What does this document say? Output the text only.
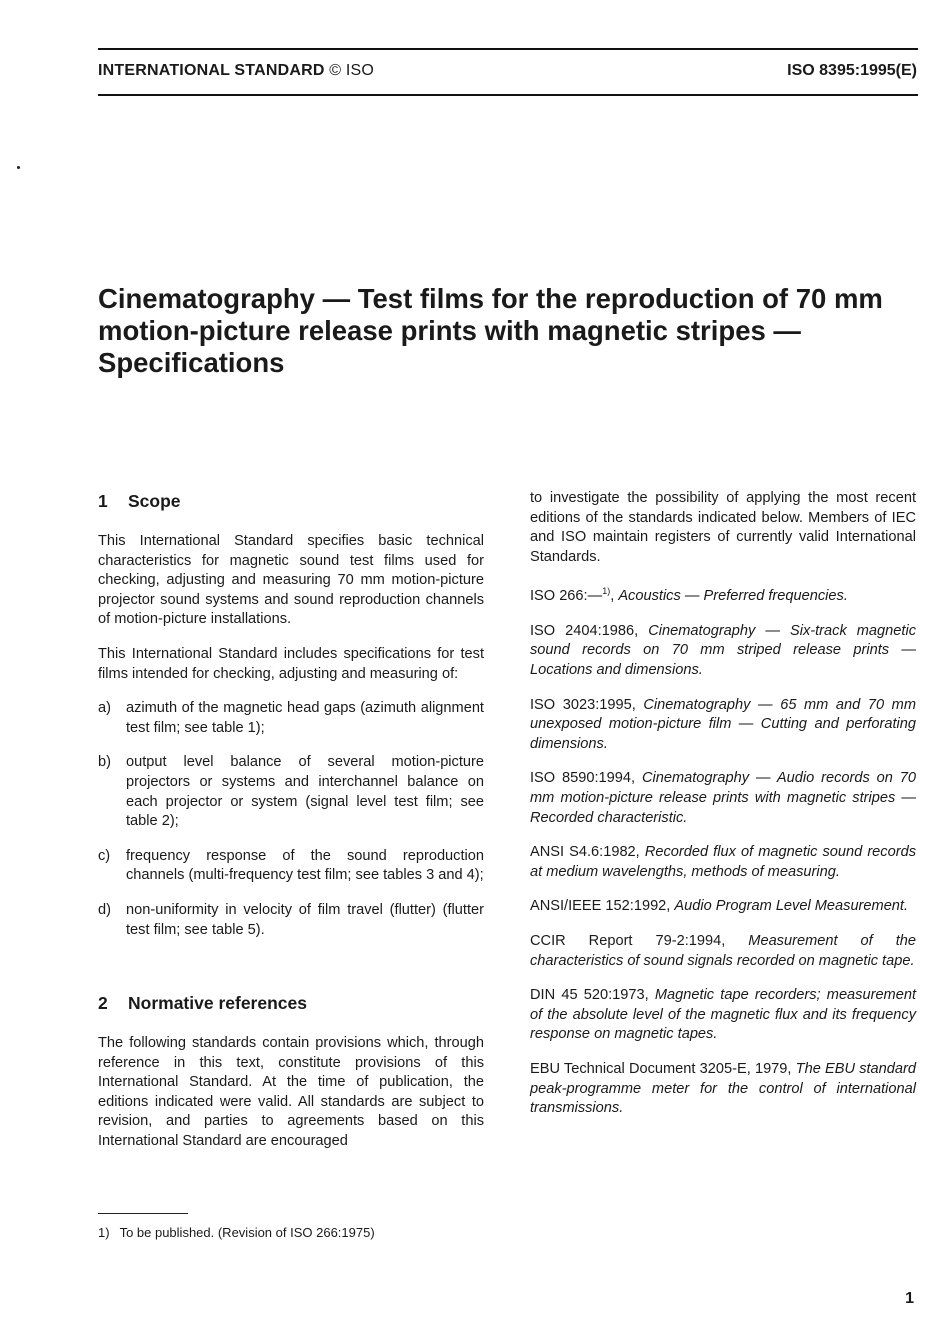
INTERNATIONAL STANDARD © ISO	ISO 8395:1995(E)
Cinematography — Test films for the reproduction of 70 mm motion-picture release prints with magnetic stripes — Specifications
1 Scope

This International Standard specifies basic technical characteristics for magnetic sound test films used for checking, adjusting and measuring 70 mm motion-picture projector sound systems and sound reproduction channels of motion-picture installations.

This International Standard includes specifications for test films intended for checking, adjusting and measuring of:

a)	azimuth of the magnetic head gaps (azimuth alignment test film; see table 1);
b)	output level balance of several motion-picture projectors or systems and interchannel balance on each projector or system (signal level test film; see table 2);
c)	frequency response of the sound reproduction channels (multi-frequency test film; see tables 3 and 4);
d)	non-uniformity in velocity of film travel (flutter) (flutter test film; see table 5).
2 Normative references

The following standards contain provisions which, through reference in this text, constitute provisions of this International Standard. At the time of publication, the editions indicated were valid. All standards are subject to revision, and parties to agreements based on this International Standard are encouraged

to investigate the possibility of applying the most recent editions of the standards indicated below. Members of IEC and ISO maintain registers of currently valid International Standards.

ISO 266:—$^{1)}$, Acoustics — Preferred frequencies.

ISO 2404:1986, Cinematography — Six-track magnetic sound records on 70 mm striped release prints — Locations and dimensions.

ISO 3023:1995, Cinematography — 65 mm and 70 mm unexposed motion-picture film — Cutting and perforating dimensions.

ISO 8590:1994, Cinematography — Audio records on 70 mm motion-picture release prints with magnetic stripes — Recorded characteristic.

ANSI S4.6:1982, Recorded flux of magnetic sound records at medium wavelengths, methods of measuring.

ANSI/IEEE 152:1992, Audio Program Level Measurement.

CCIR Report 79-2:1994, Measurement of the characteristics of sound signals recorded on magnetic tape.

DIN 45 520:1973, Magnetic tape recorders; measurement of the absolute level of the magnetic flux and its frequency response on magnetic tapes.

EBU Technical Document 3205-E, 1979, The EBU standard peak-programme meter for the control of international transmissions.

1) To be published. (Revision of ISO 266:1975)
1
